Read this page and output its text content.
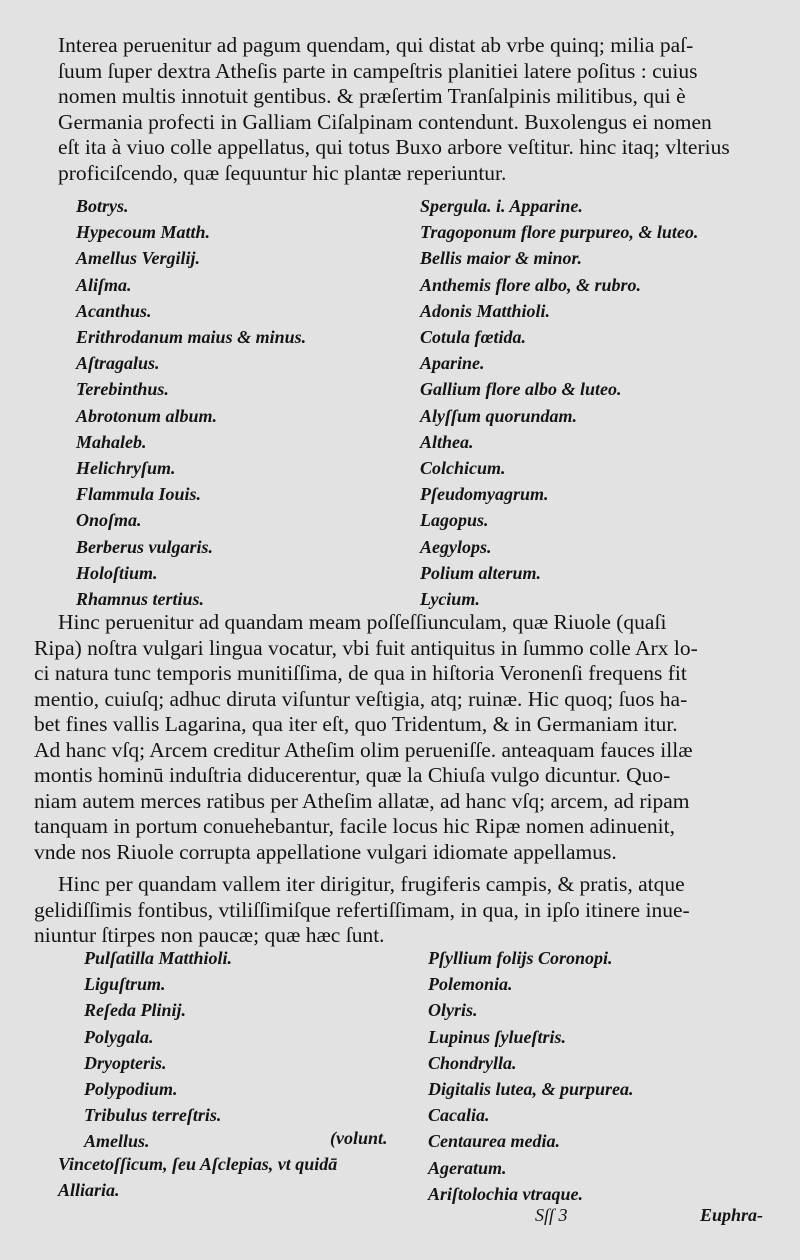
Interea peruenitur ad pagum quendam, qui distat ab vrbe quinq; milia paſ-
ſuum ſuper dextra Atheſis parte in campeſtris planitiei latere poſitus : cuius
nomen multis innotuit gentibus. & præſertim Tranſalpinis militibus, qui è
Germania profecti in Galliam Ciſalpinam contendunt. Buxolengus ei nomen
eſt ita à viuo colle appellatus, qui totus Buxo arbore veſtitur. hinc itaq; vlterius
proficiſcendo, quæ ſequuntur hic plantæ reperiuntur.
Botrys.
Hypecoum Matth.
Amellus Vergilij.
Aliſma.
Acanthus.
Erithrodanum maius & minus.
Aſtragalus.
Terebinthus.
Abrotonum album.
Mahaleb.
Helichryſum.
Flammula Iouis.
Onoſma.
Berberus vulgaris.
Holoſtium.
Rhamnus tertius.
Spergula. i. Apparine.
Tragoponum flore purpureo, & luteo.
Bellis maior & minor.
Anthemis flore albo, & rubro.
Adonis Matthioli.
Cotula fœtida.
Aparine.
Gallium flore albo & luteo.
Alyſſum quorundam.
Althea.
Colchicum.
Pſeudomyagrum.
Lagopus.
Aegylops.
Polium alterum.
Lycium.
Hinc peruenitur ad quandam meam poſſeſſiunculam, quæ Riuole (quaſi
Ripa) noſtra vulgari lingua vocatur, vbi fuit antiquitus in ſummo colle Arx lo-
ci natura tunc temporis munitiſſima, de qua in hiſtoria Veronenſi frequens fit
mentio, cuiuſq; adhuc diruta viſuntur veſtigia, atq; ruinæ. Hic quoq; ſuos ha-
bet fines vallis Lagarina, qua iter eſt, quo Tridentum, & in Germaniam itur.
Ad hanc vſq; Arcem creditur Atheſim olim perueniſſe. anteaquam fauces illæ
montis hominū induſtria diducerentur, quæ la Chiuſa vulgo dicuntur. Quo-
niam autem merces ratibus per Atheſim allatæ, ad hanc vſq; arcem, ad ripam
tanquam in portum conuehebantur, facile locus hic Ripæ nomen adinuenit,
vnde nos Riuole corrupta appellatione vulgari idiomate appellamus.
Hinc per quandam vallem iter dirigitur, frugiferis campis, & pratis, atque
gelidiſſimis fontibus, vtiliſſimiſque refertiſſimam, in qua, in ipſo itinere inue-
niuntur ſtirpes non paucæ; quæ hæc ſunt.
Pulſatilla Matthioli.
Liguſtrum.
Reſeda Plinij.
Polygala.
Dryopteris.
Polypodium.
Tribulus terreſtris.
Amellus.
Pſyllium folijs Coronopi.
Polemonia.
Olyris.
Lupinus ſylueſtris.
Chondrylla.
Digitalis lutea, & purpurea.
Cacalia.
Centaurea media.
Ageratum.
Ariſtolochia vtraque.
(volunt.
Vincetoſſicum, ſeu Aſclepias, vt quidā
Alliaria.
Sſſ 3	Euphra-
